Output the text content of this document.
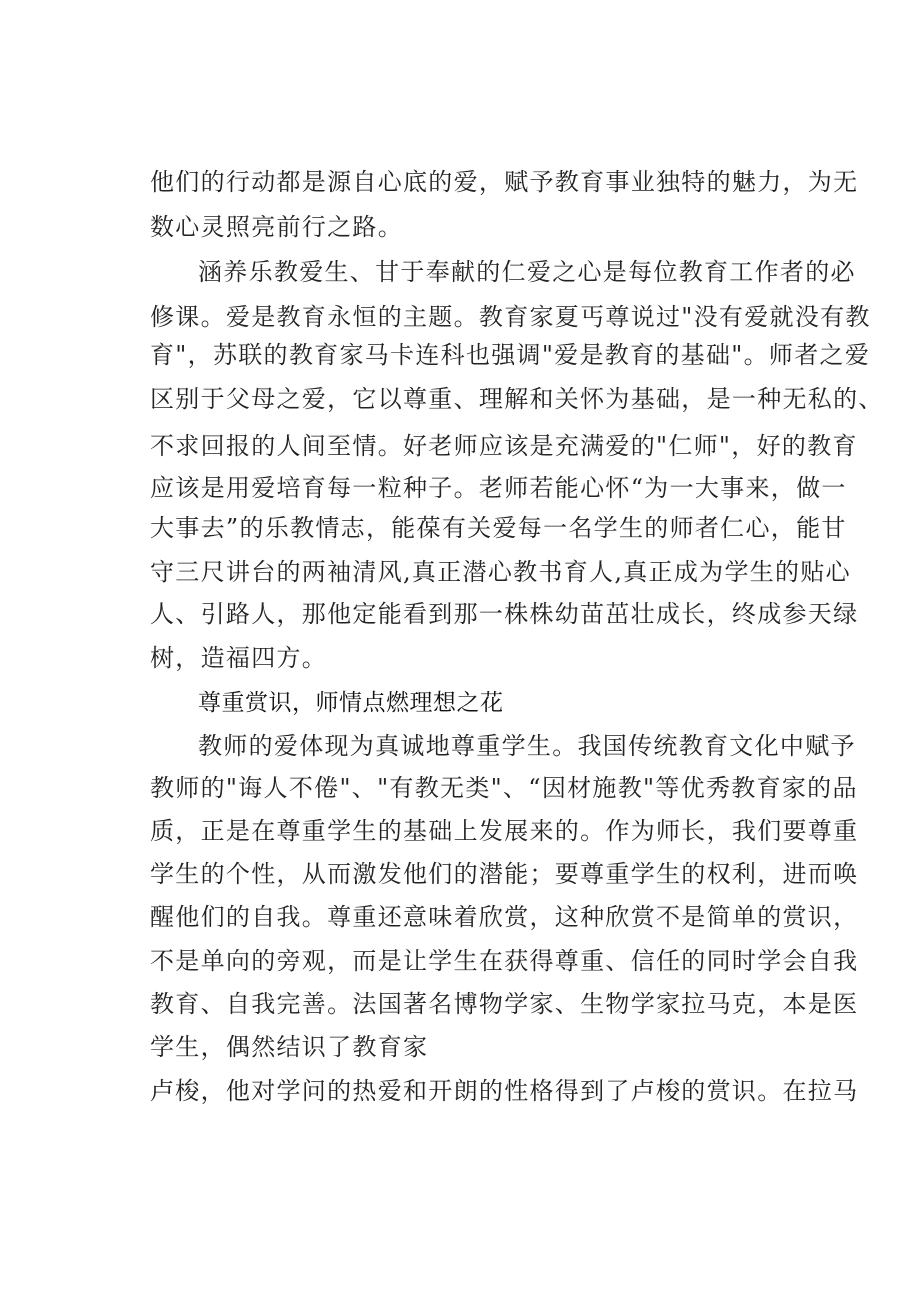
他们的行动都是源自心底的爱，赋予教育事业独特的魅力，为无
数心灵照亮前行之路。
涵养乐教爱生、甘于奉献的仁爱之心是每位教育工作者的必
修课。爱是教育永恒的主题。教育家夏丐尊说过"没有爱就没有教
育"，苏联的教育家马卡连科也强调"爱是教育的基础"。师者之爱
区别于父母之爱，它以尊重、理解和关怀为基础，是一种无私的、
不求回报的人间至情。好老师应该是充满爱的"仁师"，好的教育
应该是用爱培育每一粒种子。老师若能心怀“为一大事来，做一
大事去”的乐教情志，能葆有关爱每一名学生的师者仁心，能甘
守三尺讲台的两袖清风,真正潜心教书育人,真正成为学生的贴心
人、引路人，那他定能看到那一株株幼苗茁壮成长，终成参天绿
树，造福四方。
尊重赏识，师情点燃理想之花
教师的爱体现为真诚地尊重学生。我国传统教育文化中赋予
教师的"诲人不倦"、"有教无类"、“因材施教"等优秀教育家的品
质，正是在尊重学生的基础上发展来的。作为师长，我们要尊重
学生的个性，从而激发他们的潜能；要尊重学生的权利，进而唤
醒他们的自我。尊重还意味着欣赏，这种欣赏不是简单的赏识，
不是单向的旁观，而是让学生在获得尊重、信任的同时学会自我
教育、自我完善。法国著名博物学家、生物学家拉马克，本是医
学生，偶然结识了教育家
卢梭，他对学问的热爱和开朗的性格得到了卢梭的赏识。在拉马
